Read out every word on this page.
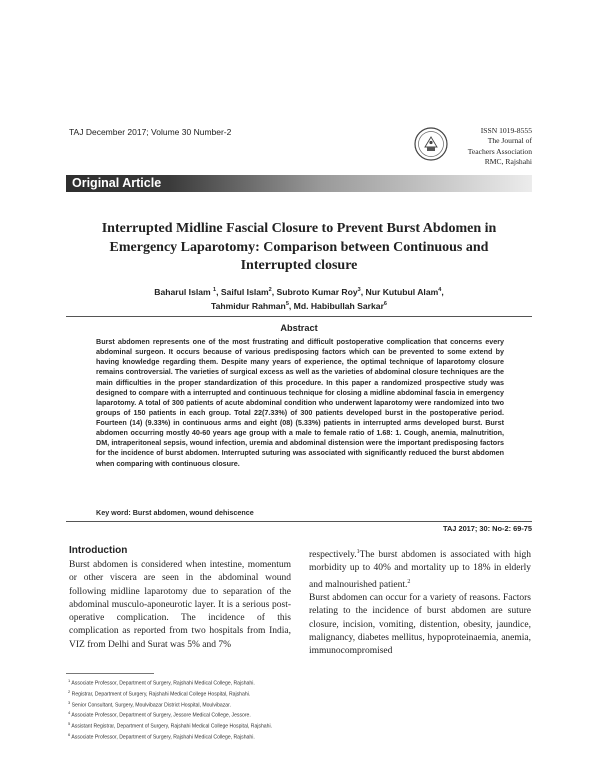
TAJ December 2017; Volume 30 Number-2	ISSN 1019-8555
The Journal of
Teachers Association
RMC, Rajshahi
Original Article
Interrupted Midline Fascial Closure to Prevent Burst Abdomen in
Emergency Laparotomy: Comparison between Continuous and
Interrupted closure
Baharul Islam $^1$, Saiful Islam$^2$, Subroto Kumar Roy$^3$, Nur Kutubul Alam$^4$,
Tahmidur Rahman$^5$, Md. Habibullah Sarkar$^6$
Abstract
Burst abdomen represents one of the most frustrating and difficult postoperative complication that concerns every abdominal surgeon. It occurs because of various predisposing factors which can be prevented to some extend by having knowledge regarding them. Despite many years of experience, the optimal technique of laparotomy closure remains controversial. The varieties of surgical excess as well as the varieties of abdominal closure techniques are the main difficulties in the proper standardization of this procedure. In this paper a randomized prospective study was designed to compare with a interrupted and continuous technique for closing a midline abdominal fascia in emergency laparotomy. A total of 300 patients of acute abdominal condition who underwent laparotomy were randomized into two groups of 150 patients in each group. Total 22(7.33%) of 300 patients developed burst in the postoperative period. Fourteen (14) (9.33%) in continuous arms and eight (08) (5.33%) patients in interrupted arms developed burst. Burst abdomen occurring mostly 40-60 years age group with a male to female ratio of 1.68: 1. Cough, anemia, malnutrition, DM, intraperitoneal sepsis, wound infection, uremia and abdominal distension were the important predisposing factors for the incidence of burst abdomen. Interrupted suturing was associated with significantly reduced the burst abdomen when comparing with continuous closure.
Key word: Burst abdomen, wound dehiscence
TAJ 2017; 30: No-2: 69-75
Introduction
Burst abdomen is considered when intestine, momentum or other viscera are seen in the abdominal wound following midline laparotomy due to separation of the abdominal musculo-aponeurotic layer. It is a serious post-operative complication. The incidence of this complication as reported from two hospitals from India, VIZ from Delhi and Surat was 5% and 7%
respectively.$^1$The burst abdomen is associated with high morbidity up to 40% and mortality up to 18% in elderly and malnourished patient.$^2$
Burst abdomen can occur for a variety of reasons. Factors relating to the incidence of burst abdomen are suture closure, incision, vomiting, distention, obesity, jaundice, malignancy, diabetes mellitus, hypoproteinaemia, anemia, immunocompromised
$^1$ Associate Professor, Department of Surgery, Rajshahi Medical College, Rajshahi.
$^2$ Registrar, Department of Surgery, Rajshahi Medical College Hospital, Rajshahi.
$^3$ Senior Consultant, Surgery, Moulvibazar District Hospital, Moulvibazar.
$^4$ Associate Professor, Department of Surgery, Jessore Medical College, Jessore.
$^5$ Assistant Registrar, Department of Surgery, Rajshahi Medical College Hospital, Rajshahi.
$^6$ Associate Professor, Department of Surgery, Rajshahi Medical College, Rajshahi.
